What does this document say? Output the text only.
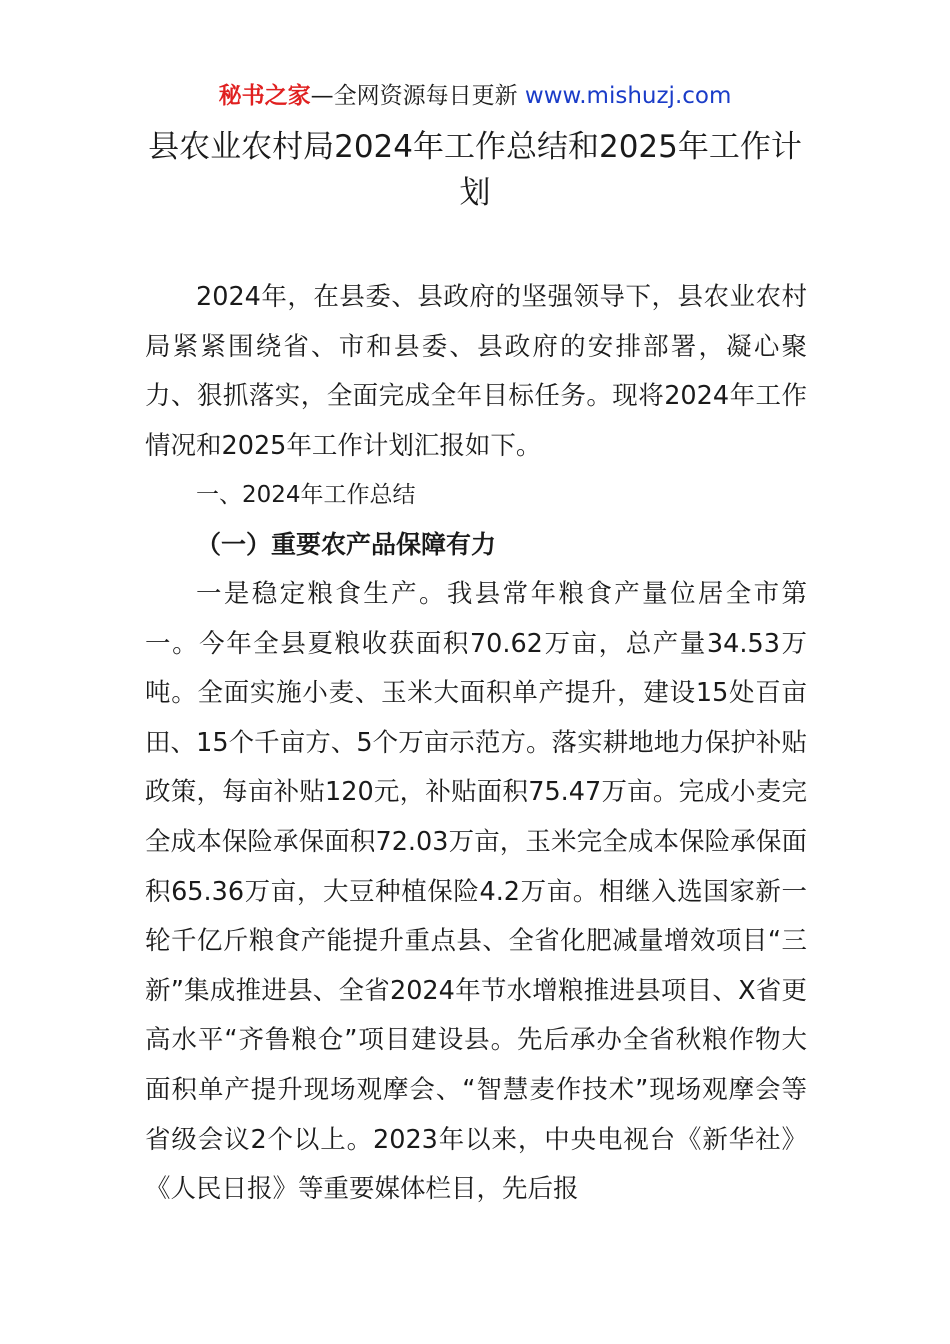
秘书之家—全网资源每日更新 www.mishuzj.com
县农业农村局2024年工作总结和2025年工作计划
2024年，在县委、县政府的坚强领导下，县农业农村局紧紧围绕省、市和县委、县政府的安排部署，凝心聚力、狠抓落实，全面完成全年目标任务。现将2024年工作情况和2025年工作计划汇报如下。
一、2024年工作总结
（一）重要农产品保障有力
一是稳定粮食生产。我县常年粮食产量位居全市第一。今年全县夏粮收获面积70.62万亩，总产量34.53万吨。全面实施小麦、玉米大面积单产提升，建设15处百亩田、15个千亩方、5个万亩示范方。落实耕地地力保护补贴政策，每亩补贴120元，补贴面积75.47万亩。完成小麦完全成本保险承保面积72.03万亩，玉米完全成本保险承保面积65.36万亩，大豆种植保险4.2万亩。相继入选国家新一轮千亿斤粮食产能提升重点县、全省化肥减量增效项目“三新”集成推进县、全省2024年节水增粮推进县项目、X省更高水平“齐鲁粮仓”项目建设县。先后承办全省秋粮作物大面积单产提升现场观摩会、“智慧麦作技术”现场观摩会等省级会议2个以上。2023年以来，中央电视台《新华社》《人民日报》等重要媒体栏目，先后报
